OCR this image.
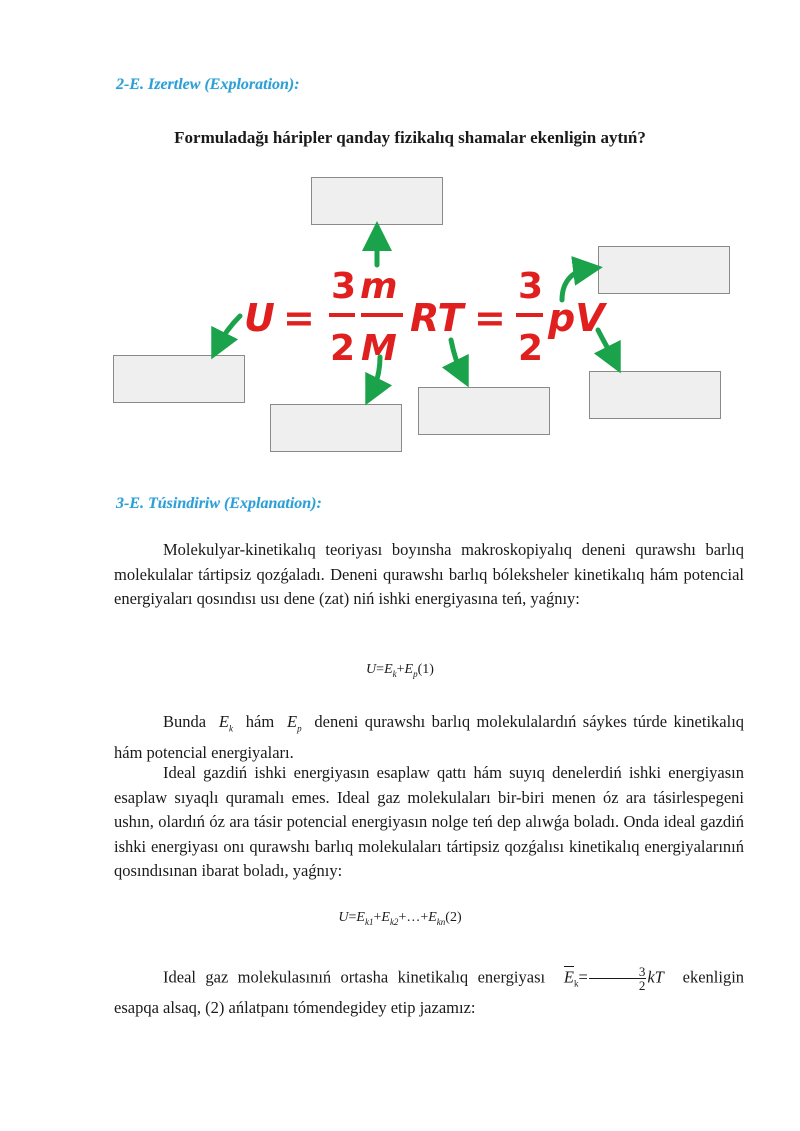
2-E. Izertlew (Exploration):

Formuladağı háripler qanday fizikalıq shamalar ekenligin aytıń?

U =
3
2
m
M
RT =
3
2
pV

3-E. Túsindiriw (Explanation):

Molekulyar-kinetikalıq teoriyası boyınsha makroskopiyalıq deneni qurawshı barlıq molekulalar tártipsiz qozǵaladı. Deneni qurawshı barlıq bóleksheler kinetikalıq hám potencial energiyaları qosındısı usı dene (zat) niń ishki energiyasına teń, yaǵnıy:

$U=E_k+E_p(1)$

Bunda $E_k$ hám $E_p$ deneni qurawshı barlıq molekulalardıń sáykes túrde kinetikalıq hám potencial energiyaları.

Ideal gazdiń ishki energiyasın esaplaw qattı hám suyıq denelerdiń ishki energiyasın esaplaw sıyaqlı quramalı emes. Ideal gaz molekulaları bir-biri menen óz ara tásirlespegeni ushın, olardıń óz ara tásir potencial energiyasın nolge teń dep alıwǵa boladı. Onda ideal gazdiń ishki energiyası onı qurawshı barlıq molekulaları tártipsiz qozǵalısı kinetikalıq energiyalarınıń qosındısınan ibarat boladı, yaǵnıy:

$U=E_{k1}+E_{k2}+\dots+E_{kn}(2)$

Ideal gaz molekulasınıń ortasha kinetikalıq energiyası $\overline{E}_k= \frac{3}{2}$ kT ekenligin esapqa alsaq, (2) ańlatpanı tómendegidey etip jazamız:
